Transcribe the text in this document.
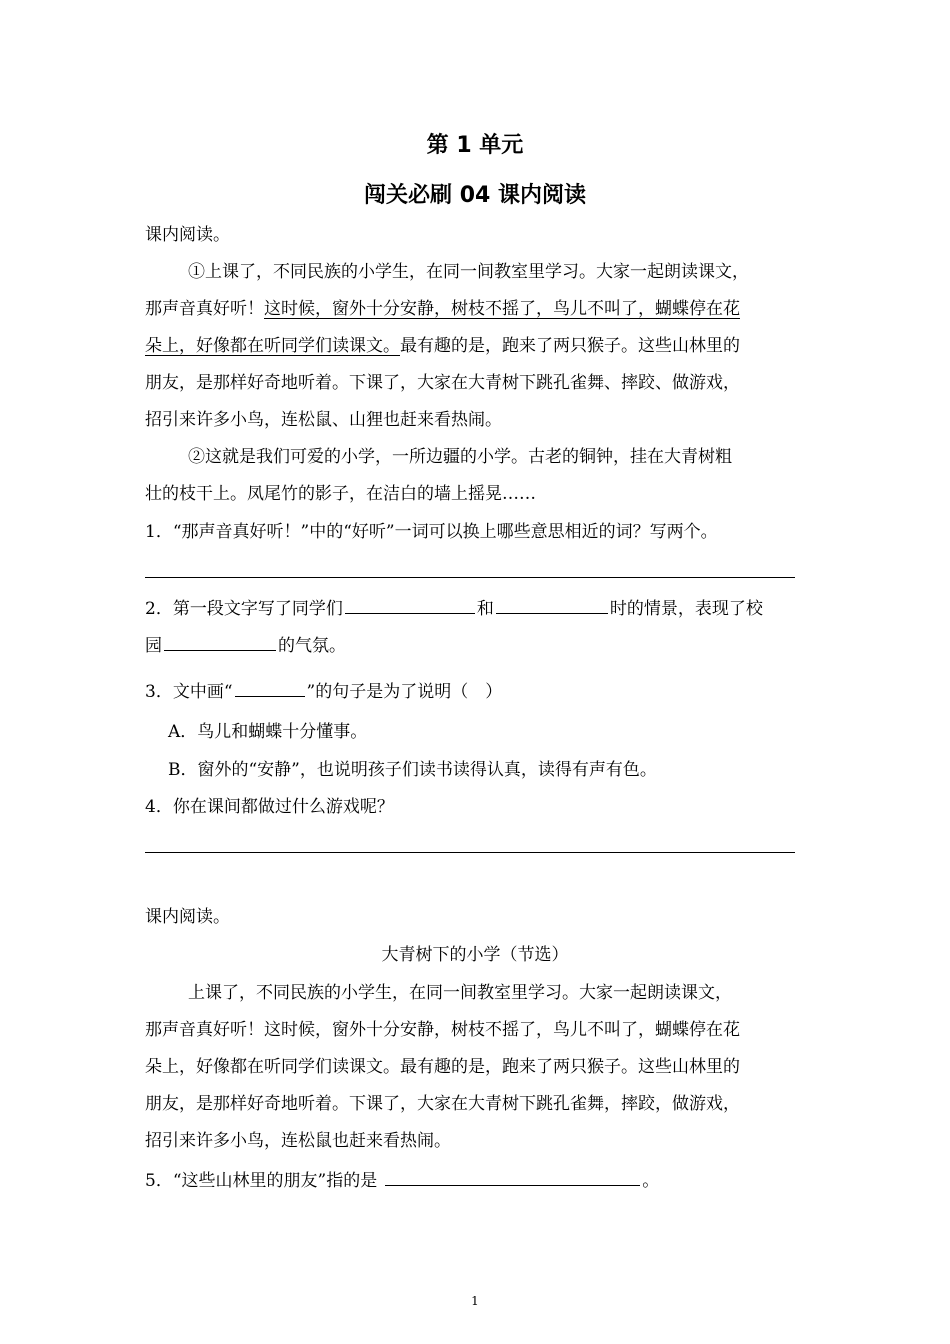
第 1 单元
闯关必刷 04 课内阅读
课内阅读。
①上课了，不同民族的小学生，在同一间教室里学习。大家一起朗读课文，
那声音真好听！这时候，窗外十分安静，树枝不摇了，鸟儿不叫了，蝴蝶停在花
朵上，好像都在听同学们读课文。最有趣的是，跑来了两只猴子。这些山林里的
朋友，是那样好奇地听着。下课了，大家在大青树下跳孔雀舞、摔跤、做游戏，
招引来许多小鸟，连松鼠、山狸也赶来看热闹。
②这就是我们可爱的小学，一所边疆的小学。古老的铜钟，挂在大青树粗
壮的枝干上。凤尾竹的影子，在洁白的墙上摇晃……
1．“那声音真好听！”中的“好听”一词可以换上哪些意思相近的词？写两个。
2．第一段文字写了同学们	和	时的情景，表现了校
园	的气氛。
3．文中画“	”的句子是为了说明（　）
A．鸟儿和蝴蝶十分懂事。
B．窗外的“安静”，也说明孩子们读书读得认真，读得有声有色。
4．你在课间都做过什么游戏呢？
课内阅读。
大青树下的小学（节选）
上课了，不同民族的小学生，在同一间教室里学习。大家一起朗读课文，
那声音真好听！这时候，窗外十分安静，树枝不摇了，鸟儿不叫了，蝴蝶停在花
朵上，好像都在听同学们读课文。最有趣的是，跑来了两只猴子。这些山林里的
朋友，是那样好奇地听着。下课了，大家在大青树下跳孔雀舞，摔跤，做游戏，
招引来许多小鸟，连松鼠也赶来看热闹。
5．“这些山林里的朋友”指的是	。
1
